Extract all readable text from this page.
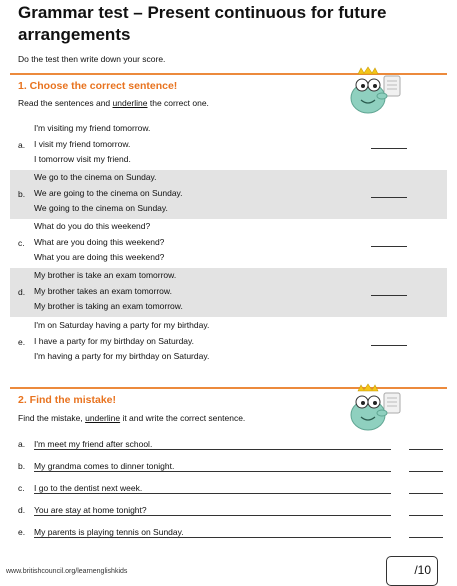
Grammar test – Present continuous for future arrangements
Do the test then write down your score.
1. Choose the correct sentence!
Read the sentences and underline the correct one.
a.
I'm visiting my friend tomorrow.
I visit my friend tomorrow.
I tomorrow visit my friend.
b.
We go to the cinema on Sunday.
We are going to the cinema on Sunday.
We going to the cinema on Sunday.
c.
What do you do this weekend?
What are you doing this weekend?
What you are doing this weekend?
d.
My brother is take an exam tomorrow.
My brother takes an exam tomorrow.
My brother is taking an exam tomorrow.
e.
I'm on Saturday having a party for my birthday.
I have a party for my birthday on Saturday.
I'm having a party for my birthday on Saturday.
2. Find the mistake!
Find the mistake, underline it and write the correct sentence.
a. I'm meet my friend after school.
b. My grandma comes to dinner tonight.
c. I go to the dentist next week.
d. You are stay at home tonight?
e. My parents is playing tennis on Sunday.
/10
www.britishcouncil.org/learnenglishkids
